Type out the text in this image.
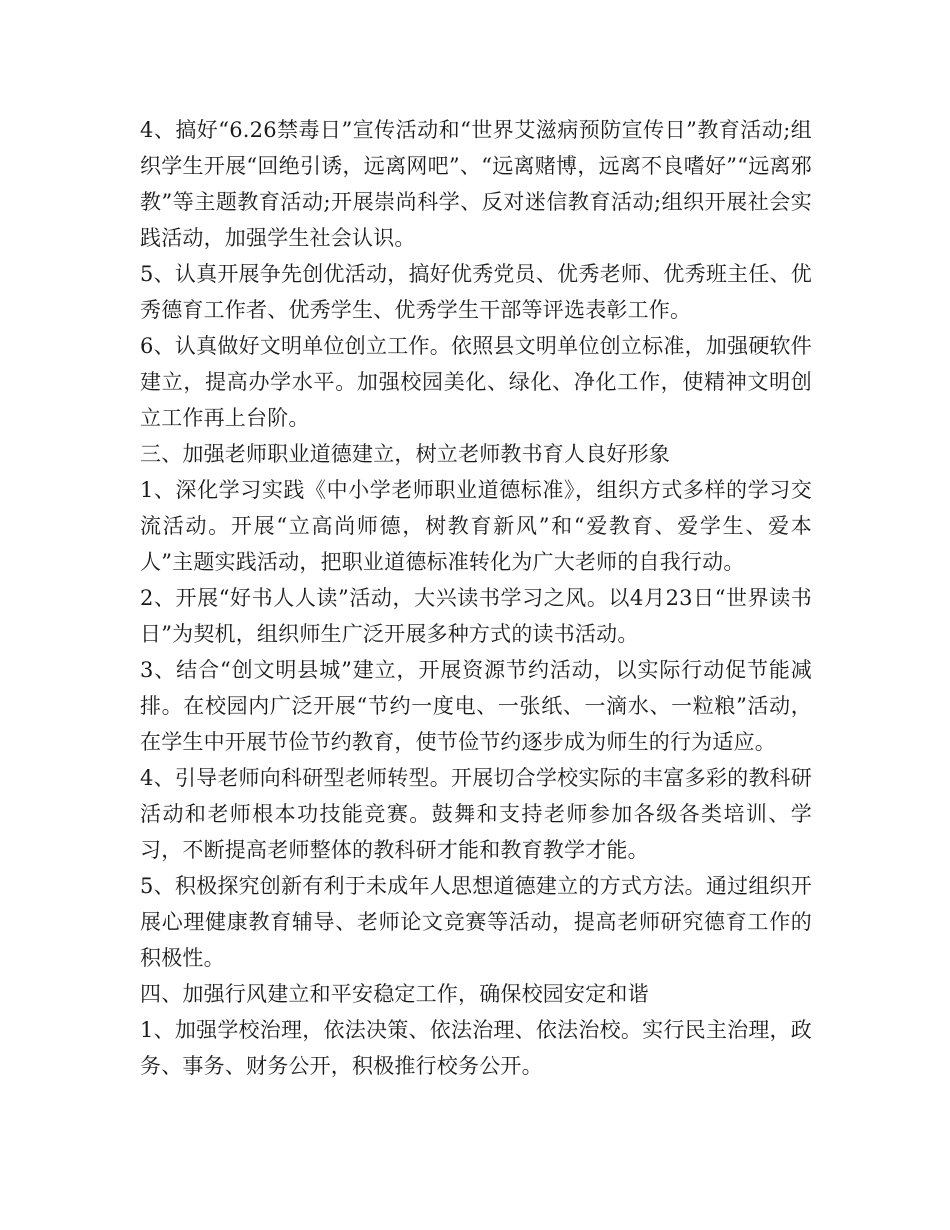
4、搞好“6.26禁毒日”宣传活动和“世界艾滋病预防宣传日”教育活动;组织学生开展“回绝引诱，远离网吧”、“远离赌博，远离不良嗜好”“远离邪教”等主题教育活动;开展崇尚科学、反对迷信教育活动;组织开展社会实践活动，加强学生社会认识。

5、认真开展争先创优活动，搞好优秀党员、优秀老师、优秀班主任、优秀德育工作者、优秀学生、优秀学生干部等评选表彰工作。

6、认真做好文明单位创立工作。依照县文明单位创立标准，加强硬软件建立，提高办学水平。加强校园美化、绿化、净化工作，使精神文明创立工作再上台阶。

三、加强老师职业道德建立，树立老师教书育人良好形象

1、深化学习实践《中小学老师职业道德标准》，组织方式多样的学习交流活动。开展“立高尚师德，树教育新风”和“爱教育、爱学生、爱本人”主题实践活动，把职业道德标准转化为广大老师的自我行动。

2、开展“好书人人读”活动，大兴读书学习之风。以4月23日“世界读书日”为契机，组织师生广泛开展多种方式的读书活动。

3、结合“创文明县城”建立，开展资源节约活动，以实际行动促节能减排。在校园内广泛开展“节约一度电、一张纸、一滴水、一粒粮”活动，在学生中开展节俭节约教育，使节俭节约逐步成为师生的行为适应。

4、引导老师向科研型老师转型。开展切合学校实际的丰富多彩的教科研活动和老师根本功技能竞赛。鼓舞和支持老师参加各级各类培训、学习，不断提高老师整体的教科研才能和教育教学才能。

5、积极探究创新有利于未成年人思想道德建立的方式方法。通过组织开展心理健康教育辅导、老师论文竞赛等活动，提高老师研究德育工作的积极性。

四、加强行风建立和平安稳定工作，确保校园安定和谐

1、加强学校治理，依法决策、依法治理、依法治校。实行民主治理，政务、事务、财务公开，积极推行校务公开。
